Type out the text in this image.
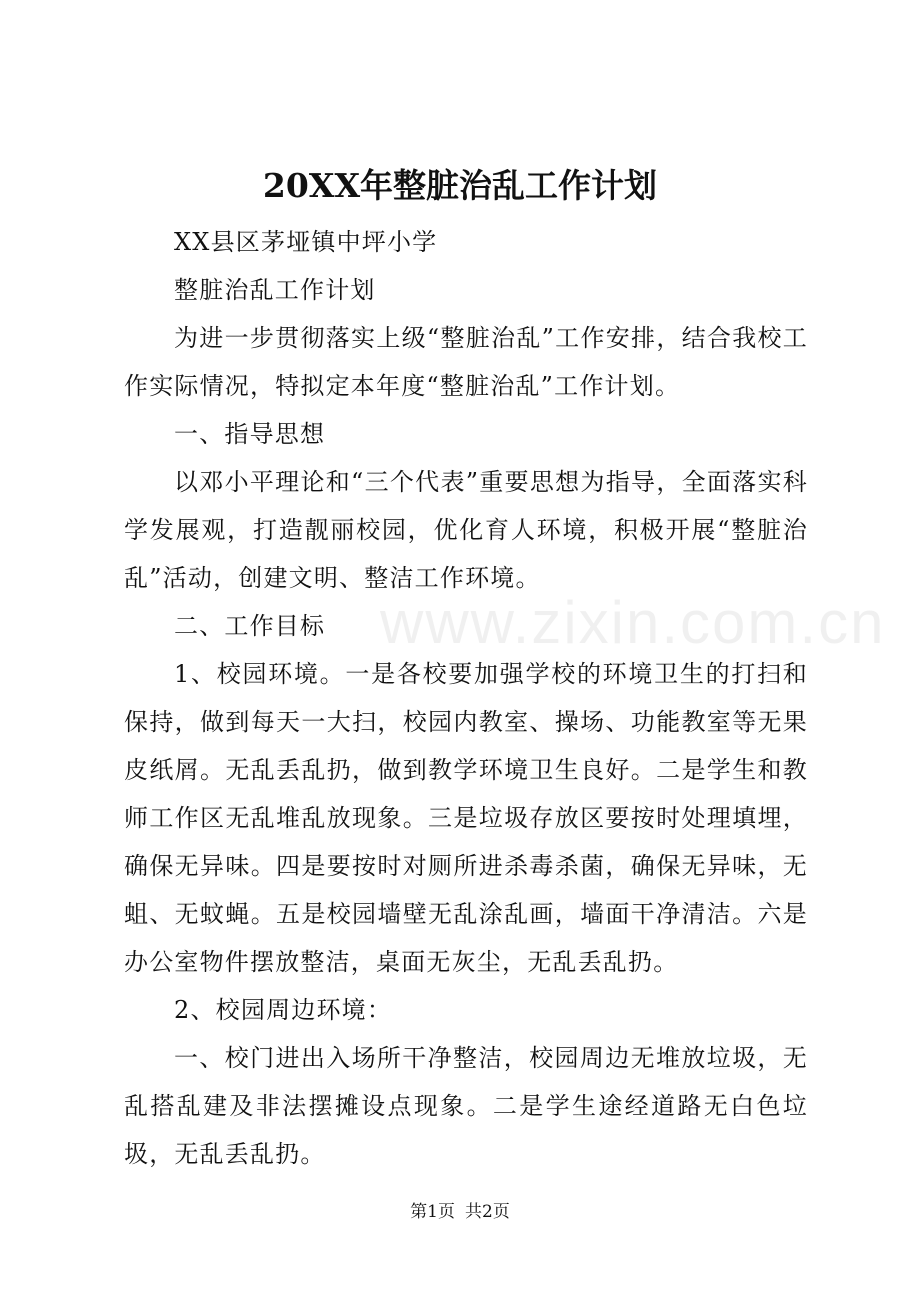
20XX年整脏治乱工作计划

XX县区茅垭镇中坪小学

整脏治乱工作计划

为进一步贯彻落实上级“整脏治乱”工作安排，结合我校工作实际情况，特拟定本年度“整脏治乱”工作计划。

一、指导思想

以邓小平理论和“三个代表”重要思想为指导，全面落实科学发展观，打造靓丽校园，优化育人环境，积极开展“整脏治乱”活动，创建文明、整洁工作环境。

二、工作目标

1、校园环境。一是各校要加强学校的环境卫生的打扫和保持，做到每天一大扫，校园内教室、操场、功能教室等无果皮纸屑。无乱丢乱扔，做到教学环境卫生良好。二是学生和教师工作区无乱堆乱放现象。三是垃圾存放区要按时处理填埋，确保无异味。四是要按时对厕所进杀毒杀菌，确保无异味，无蛆、无蚊蝇。五是校园墙壁无乱涂乱画，墙面干净清洁。六是办公室物件摆放整洁，桌面无灰尘，无乱丢乱扔。

2、校园周边环境：

一、校门进出入场所干净整洁，校园周边无堆放垃圾，无乱搭乱建及非法摆摊设点现象。二是学生途经道路无白色垃圾，无乱丢乱扔。

www.zixin.com.cn
第1页 共2页
